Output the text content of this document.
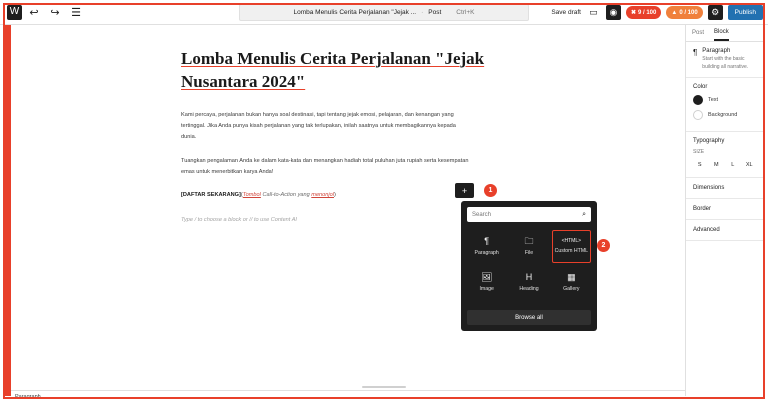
W ↩	↪	☰	Lomba Menulis Cerita Perjalanan "Jejak ... · Post Ctrl+K	Save draft ▭	◉	✖ 9 / 100	▲ 0 / 100	⚙	Publish
Lomba Menulis Cerita Perjalanan "Jejak Nusantara 2024"

Kami percaya, perjalanan bukan hanya soal destinasi, tapi tentang jejak emosi, pelajaran, dan kenangan yang tertinggal. Jika Anda punya kisah perjalanan yang tak terlupakan, inilah saatnya untuk membagikannya kepada dunia.

Tuangkan pengalaman Anda ke dalam kata-kata dan menangkan hadiah total puluhan juta rupiah serta kesempatan emas untuk menerbitkan karya Anda!

[DAFTAR SEKARANG](Tombol Call-to-Action yang menonjol)

Type / to choose a block or // to use Content AI

+	1
2
Search	⌕
¶
Paragraph
🗀
File
<HTML>
Custom HTML
🖼
Image
H
Heading
▦
Gallery
Browse all
Post Block
¶ Paragraph
Start with the basic building all narrative.
Color
Text
Background
Typography
SIZE
S	M	L	XL
Dimensions
Border
Advanced
Paragraph
